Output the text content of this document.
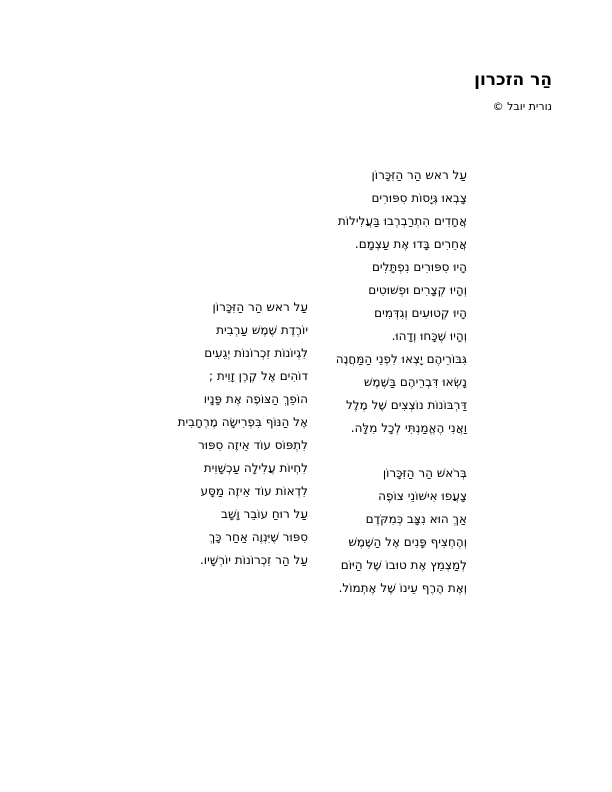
הַר הזכרון
נורית יובל ©
עַל ראש הַר הַזִּכָּרוֹן
צָבְאוּ גְּיָסוֹת סִפּוּרִים
אֲחָדִים הִתְרַבְרְבוּ בַּעֲלִילוֹת
אֲחֵרִים בָּדוּ אֶת עַצְמָם.
הָיוּ סִפּוּרִים נִפְתָּלִים
וְהָיוּ קְצָרִים וּפְשׁוּטִים
הָיוּ קְטוּעִים וְגִדְּמִים
וְהָיוּ שֶׁכָּחוּ וְדָהוּ.
גִּבּוֹרֵיהֶם יָצְאוּ לִפְנֵי הַמַּחֲנֶה
נָשְׂאוּ דִּבְרֵיהֶם בַּשֶּׁמֶשׁ
דַּרְבּוֹנוֹת נוֹצְצִים שֶׁל מֶלֶל
וַאֲנִי הֶאֱמַנְתִּי לְכָל מִלָּה.
בְּרֹאשׁ הַר הַזִּכָּרוֹן
צָעֲפוּ אִישׁוֹנֵי צוֹפֶה
אַךְ הוּא נִצָּב כְּמִקֹּדֶם
וְהֶחְצִיף פָּנִים אֶל הַשֶּׁמֶשׁ
לְמַצְמֵץ אֶת טוּבוֹ שֶׁל הַיּוֹם
וְאֶת הֶרֶף עֵינוֹ שֶׁל אֶתְמוֹל.
עַל ראש הַר הַזִּכָּרוֹן
יוֹרֶדֶת שֶׁמֶשׁ עַרְבִית
לִגְיוֹנוֹת זִכְרוֹנוֹת יְגֵעִים
דוֹהִים אֶל קֶרֶן זָוִית ;
הוֹפֵךְ הַצּוֹפֶה אֶת פָּנָיו
אֶל הַנּוֹף בִּפְרִישָׂה מֶרְחָבִית
לִתְפּוֹס עוֹד אֵיזֶה סִפּוּר
לִחְיוֹת עֲלִילָה עַכְשָׁוִית
לִדְאוֹת עוֹד אֵיזֶה מַסָּע
עַל רוּחַ עוֹבֵר וָשָׁב
סִפּוּר שֶׁיִּנְוֶה אַחַר כָּךְ
עַל הַר זִכְרוֹנוֹת יוֹרְשָׁיו.
